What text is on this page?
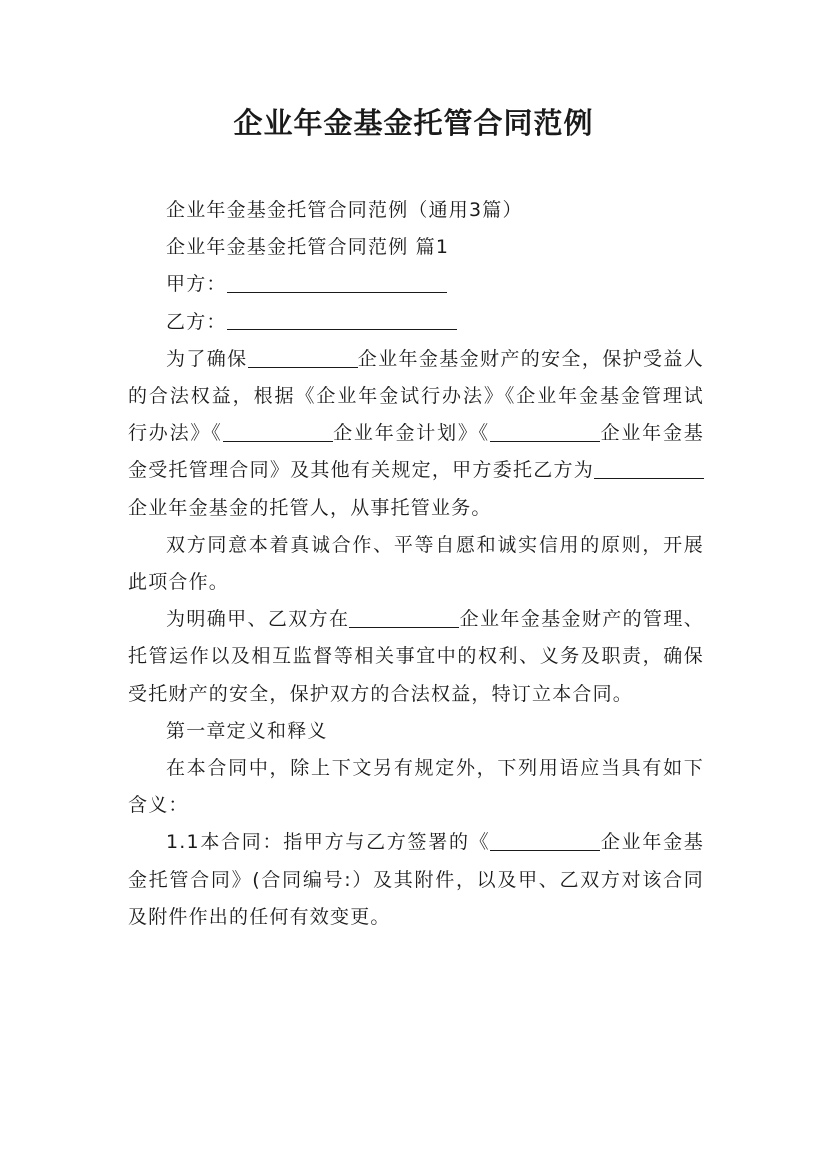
企业年金基金托管合同范例

企业年金基金托管合同范例（通用3篇）

企业年金基金托管合同范例 篇1

甲方：

乙方：

为了确保	企业年金基金财产的安全，保护受益人的合法权益，根据《企业年金试行办法》《企业年金基金管理试行办法》《	企业年金计划》《	企业年金基金受托管理合同》及其他有关规定，甲方委托乙方为企业年金基金的托管人，从事托管业务。

双方同意本着真诚合作、平等自愿和诚实信用的原则，开展此项合作。

为明确甲、乙双方在	企业年金基金财产的管理、托管运作以及相互监督等相关事宜中的权利、义务及职责，确保受托财产的安全，保护双方的合法权益，特订立本合同。

第一章定义和释义

在本合同中，除上下文另有规定外，下列用语应当具有如下含义：

1.1本合同：指甲方与乙方签署的《	企业年金基金托管合同》(合同编号:）及其附件，以及甲、乙双方对该合同及附件作出的任何有效变更。
